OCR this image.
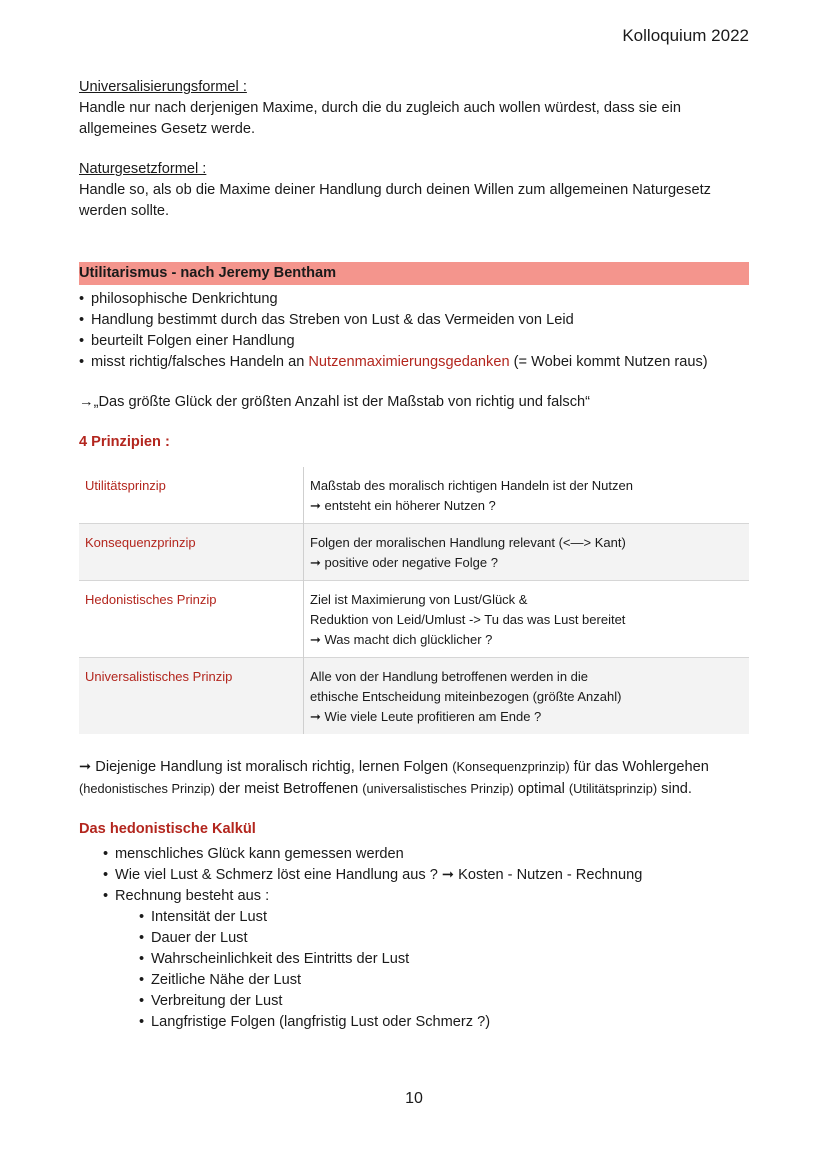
Kolloquium 2022

Universalisierungsformel :

Handle nur nach derjenigen Maxime, durch die du zugleich auch wollen würdest, dass sie ein allgemeines Gesetz werde.

Naturgesetzformel :

Handle so, als ob die Maxime deiner Handlung durch deinen Willen zum allgemeinen Naturgesetz werden sollte.

Utilitarismus - nach Jeremy Bentham
• philosophische Denkrichtung
• Handlung bestimmt durch das Streben von Lust & das Vermeiden von Leid
• beurteilt Folgen einer Handlung
• misst richtig/falsches Handeln an Nutzenmaximierungsgedanken (= Wobei kommt Nutzen raus)

→„Das größte Glück der größten Anzahl ist der Maßstab von richtig und falsch“

4 Prinzipien :

Utilitätsprinzip	Maßstab des moralisch richtigen Handeln ist der Nutzen
➞ entsteht ein höherer Nutzen ?

Konsequenzprinzip	Folgen der moralischen Handlung relevant (<—> Kant)
➞ positive oder negative Folge ?

Hedonistisches Prinzip	Ziel ist Maximierung von Lust/Glück &
Reduktion von Leid/Umlust -> Tu das was Lust bereitet
➞ Was macht dich glücklicher ?

Universalistisches Prinzip	Alle von der Handlung betroffenen werden in die
ethische Entscheidung miteinbezogen (größte Anzahl)
➞ Wie viele Leute profitieren am Ende ?

➞ Diejenige Handlung ist moralisch richtig, lernen Folgen (Konsequenzprinzip) für das Wohlergehen (hedonistisches Prinzip) der meist Betroffenen (universalistisches Prinzip) optimal (Utilitätsprinzip) sind.

Das hedonistische Kalkül

• menschliches Glück kann gemessen werden
• Wie viel Lust & Schmerz löst eine Handlung aus ? ➞ Kosten - Nutzen - Rechnung
• Rechnung besteht aus :
• Intensität der Lust
• Dauer der Lust
• Wahrscheinlichkeit des Eintritts der Lust
• Zeitliche Nähe der Lust
• Verbreitung der Lust
• Langfristige Folgen (langfristig Lust oder Schmerz ?)
10
